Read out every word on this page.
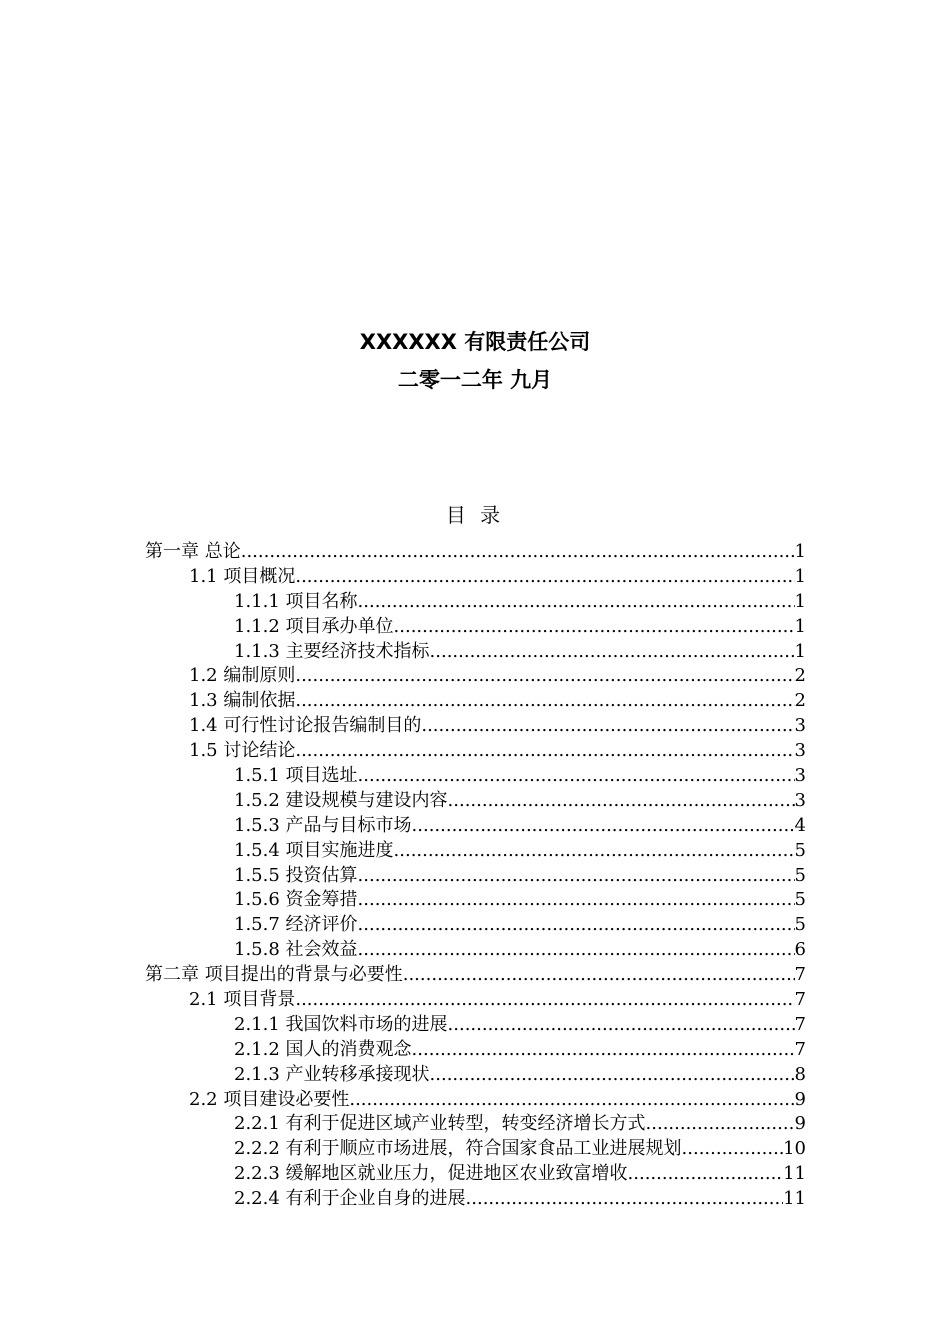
XXXXXX 有限责任公司
二零一二年 九月
目 录
第一章 总论 .....	1
1.1 项目概况 .....	1
1.1.1 项目名称 .....	1
1.1.2 项目承办单位 .....	1
1.1.3 主要经济技术指标 .....	1
1.2 编制原则 .....	2
1.3 编制依据 .....	2
1.4 可行性讨论报告编制目的 .....	3
1.5 讨论结论 .....	3
1.5.1 项目选址 .....	3
1.5.2 建设规模与建设内容 .....	3
1.5.3 产品与目标市场 .....	4
1.5.4 项目实施进度 .....	5
1.5.5 投资估算 .....	5
1.5.6 资金筹措 .....	5
1.5.7 经济评价 .....	5
1.5.8 社会效益 .....	6
第二章 项目提出的背景与必要性 .....	7
2.1 项目背景 .....	7
2.1.1 我国饮料市场的进展 .....	7
2.1.2 国人的消费观念 .....	7
2.1.3 产业转移承接现状 .....	8
2.2 项目建设必要性 .....	9
2.2.1 有利于促进区域产业转型，转变经济增长方式 .....	9
2.2.2 有利于顺应市场进展，符合国家食品工业进展规划 .....	10
2.2.3 缓解地区就业压力，促进地区农业致富增收 .....	11
2.2.4 有利于企业自身的进展 .....	11
